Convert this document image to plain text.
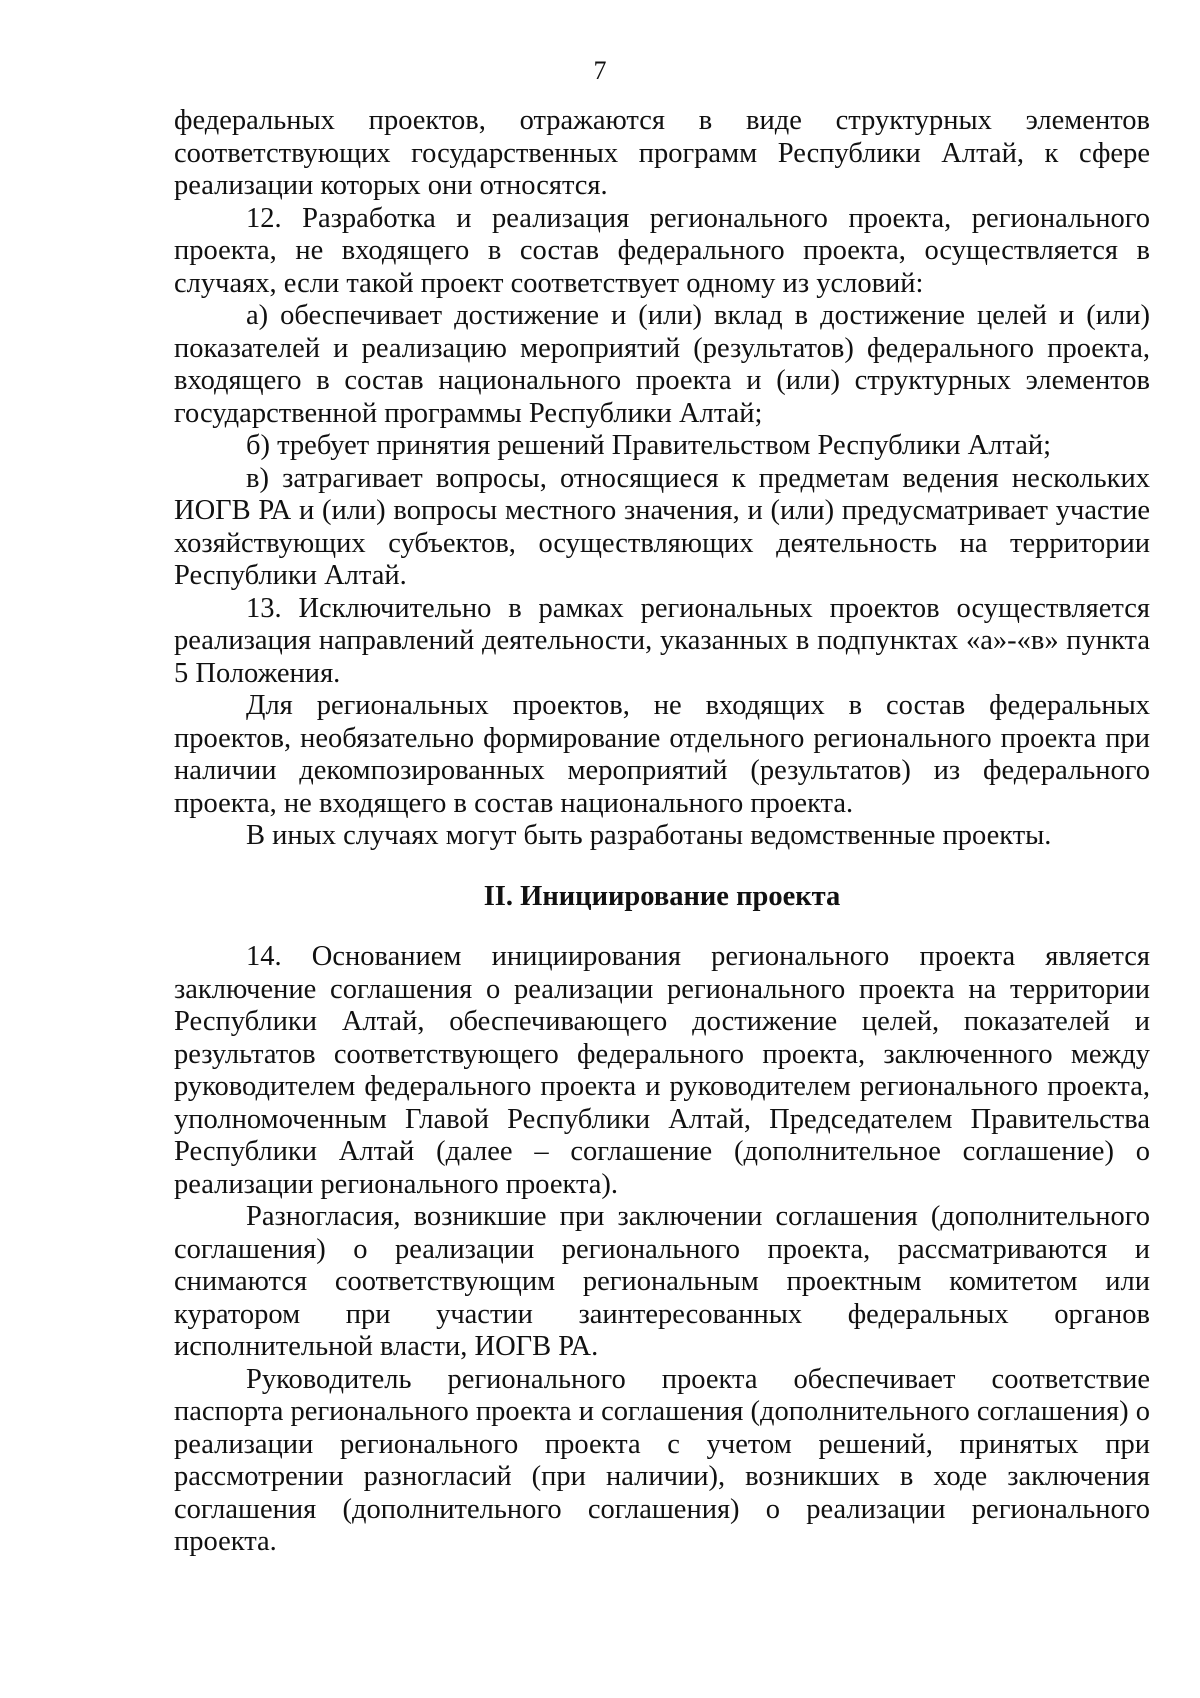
7

федеральных проектов, отражаются в виде структурных элементов соответствующих государственных программ Республики Алтай, к сфере реализации которых они относятся.

12. Разработка и реализация регионального проекта, регионального проекта, не входящего в состав федерального проекта, осуществляется в случаях, если такой проект соответствует одному из условий:

а) обеспечивает достижение и (или) вклад в достижение целей и (или) показателей и реализацию мероприятий (результатов) федерального проекта, входящего в состав национального проекта и (или) структурных элементов государственной программы Республики Алтай;

б) требует принятия решений Правительством Республики Алтай;

в) затрагивает вопросы, относящиеся к предметам ведения нескольких ИОГВ РА и (или) вопросы местного значения, и (или) предусматривает участие хозяйствующих субъектов, осуществляющих деятельность на территории Республики Алтай.

13. Исключительно в рамках региональных проектов осуществляется реализация направлений деятельности, указанных в подпунктах «а»-«в» пункта 5 Положения.

Для региональных проектов, не входящих в состав федеральных проектов, необязательно формирование отдельного регионального проекта при наличии декомпозированных мероприятий (результатов) из федерального проекта, не входящего в состав национального проекта.

В иных случаях могут быть разработаны ведомственные проекты.

II. Инициирование проекта

14. Основанием инициирования регионального проекта является заключение соглашения о реализации регионального проекта на территории Республики Алтай, обеспечивающего достижение целей, показателей и результатов соответствующего федерального проекта, заключенного между руководителем федерального проекта и руководителем регионального проекта, уполномоченным Главой Республики Алтай, Председателем Правительства Республики Алтай (далее – соглашение (дополнительное соглашение) о реализации регионального проекта).

Разногласия, возникшие при заключении соглашения (дополнительного соглашения) о реализации регионального проекта, рассматриваются и снимаются соответствующим региональным проектным комитетом или куратором при участии заинтересованных федеральных органов исполнительной власти, ИОГВ РА.

Руководитель регионального проекта обеспечивает соответствие паспорта регионального проекта и соглашения (дополнительного соглашения) о реализации регионального проекта с учетом решений, принятых при рассмотрении разногласий (при наличии), возникших в ходе заключения соглашения (дополнительного соглашения) о реализации регионального проекта.
